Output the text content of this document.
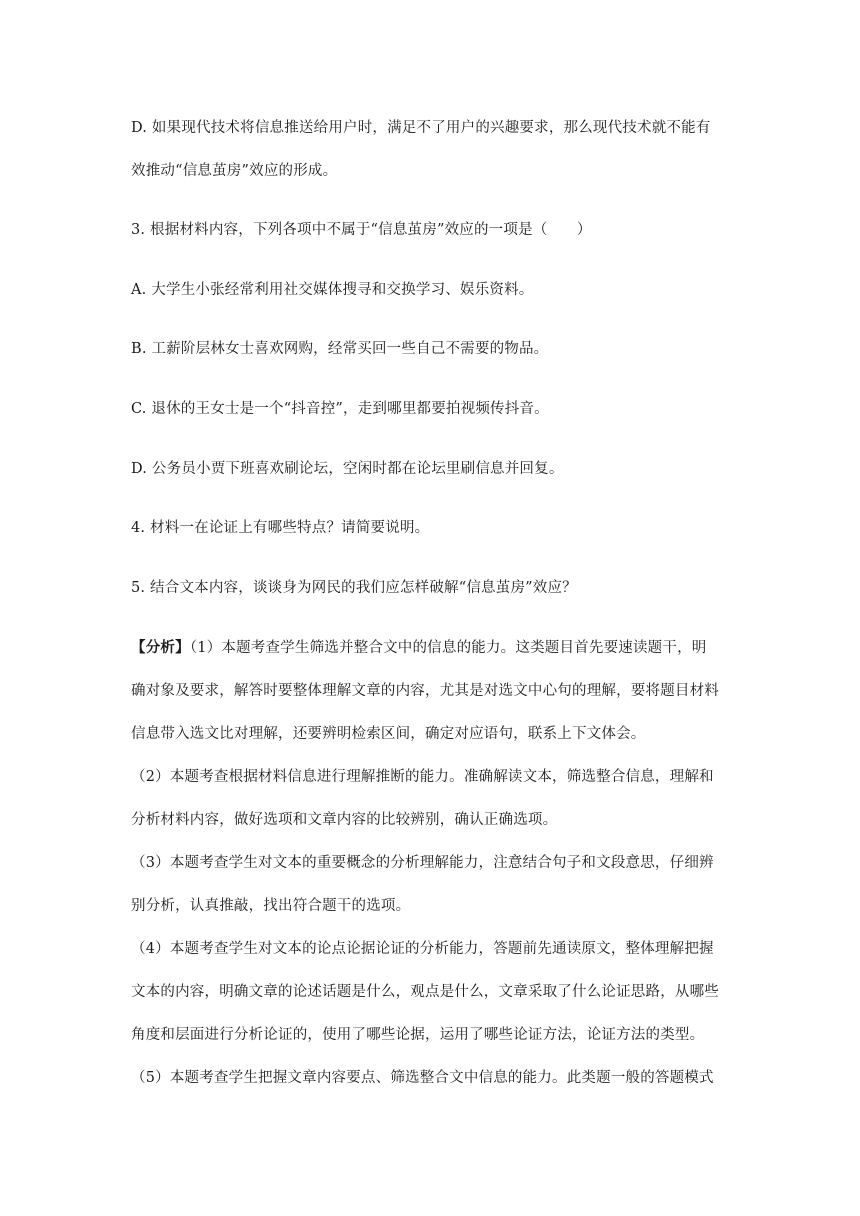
D. 如果现代技术将信息推送给用户时，满足不了用户的兴趣要求，那么现代技术就不能有
效推动“信息茧房”效应的形成。
3. 根据材料内容，下列各项中不属于“信息茧房”效应的一项是（　　）
A. 大学生小张经常利用社交媒体搜寻和交换学习、娱乐资料。
B. 工薪阶层林女士喜欢网购，经常买回一些自己不需要的物品。
C. 退休的王女士是一个“抖音控”，走到哪里都要拍视频传抖音。
D. 公务员小贾下班喜欢刷论坛，空闲时都在论坛里刷信息并回复。
4. 材料一在论证上有哪些特点？请简要说明。
5. 结合文本内容，谈谈身为网民的我们应怎样破解“信息茧房”效应？
【分析】（1）本题考查学生筛选并整合文中的信息的能力。这类题目首先要速读题干，明
确对象及要求，解答时要整体理解文章的内容，尤其是对选文中心句的理解，要将题目材料
信息带入选文比对理解，还要辨明检索区间，确定对应语句，联系上下文体会。
（2）本题考查根据材料信息进行理解推断的能力。准确解读文本，筛选整合信息，理解和
分析材料内容，做好选项和文章内容的比较辨别，确认正确选项。
（3）本题考查学生对文本的重要概念的分析理解能力，注意结合句子和文段意思，仔细辨
别分析，认真推敲，找出符合题干的选项。
（4）本题考查学生对文本的论点论据论证的分析能力，答题前先通读原文，整体理解把握
文本的内容，明确文章的论述话题是什么，观点是什么，文章采取了什么论证思路，从哪些
角度和层面进行分析论证的，使用了哪些论据，运用了哪些论证方法，论证方法的类型。
（5）本题考查学生把握文章内容要点、筛选整合文中信息的能力。此类题一般的答题模式
